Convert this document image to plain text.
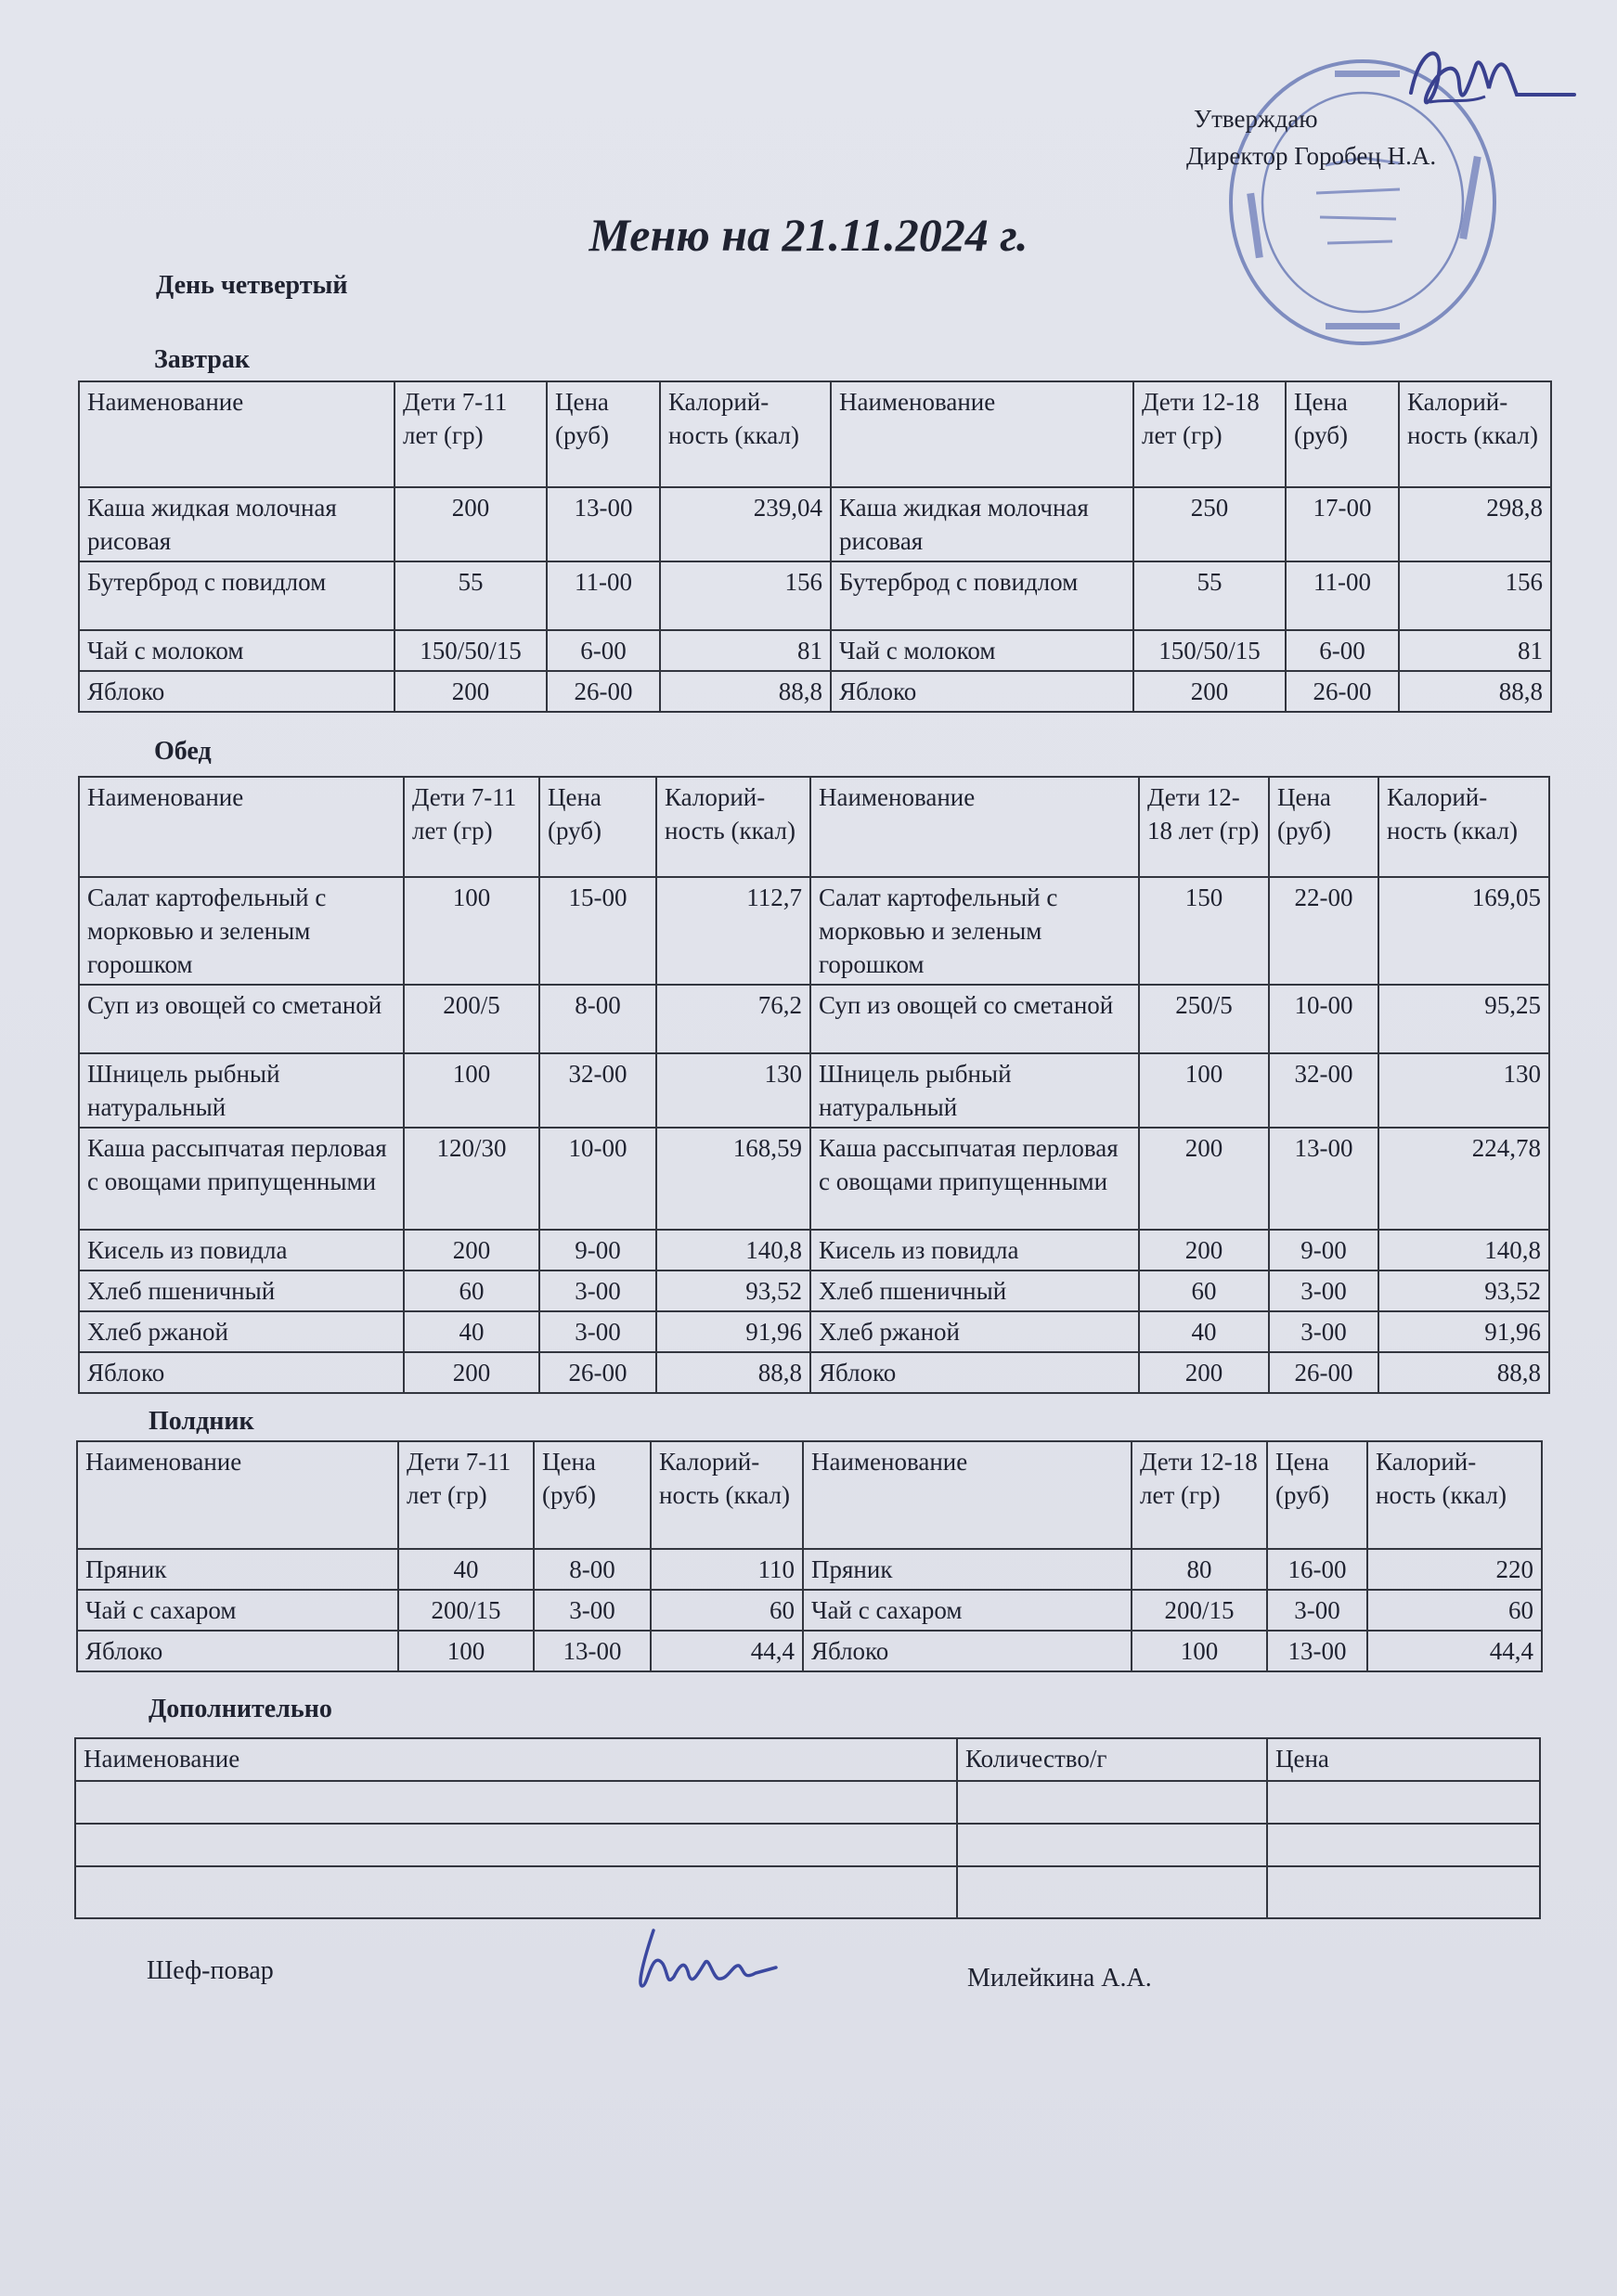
Утверждаю
Директор Горобец Н.А.
Меню на 21.11.2024 г.
День четвертый
Завтрак
Наименование	Дети 7-11 лет (гр)	Цена (руб)	Калорий-ность (ккал)	Наименование	Дети 12-18 лет (гр)	Цена (руб)	Калорий-ность (ккал)
Каша жидкая молочная рисовая	200	13-00	239,04	Каша жидкая молочная рисовая	250	17-00	298,8
Бутерброд с повидлом	55	11-00	156	Бутерброд с повидлом	55	11-00	156
Чай с молоком	150/50/15	6-00	81	Чай с молоком	150/50/15	6-00	81
Яблоко	200	26-00	88,8	Яблоко	200	26-00	88,8
Обед
Наименование	Дети 7-11 лет (гр)	Цена (руб)	Калорий-ность (ккал)	Наименование	Дети 12-18 лет (гр)	Цена (руб)	Калорий-ность (ккал)
Салат картофельный с морковью и зеленым горошком	100	15-00	112,7	Салат картофельный с морковью и зеленым горошком	150	22-00	169,05
Суп из овощей со сметаной	200/5	8-00	76,2	Суп из овощей со сметаной	250/5	10-00	95,25
Шницель рыбный натуральный	100	32-00	130	Шницель рыбный натуральный	100	32-00	130
Каша рассыпчатая перловая с овощами припущенными	120/30	10-00	168,59	Каша рассыпчатая перловая с овощами припущенными	200	13-00	224,78
Кисель из повидла	200	9-00	140,8	Кисель из повидла	200	9-00	140,8
Хлеб пшеничный	60	3-00	93,52	Хлеб пшеничный	60	3-00	93,52
Хлеб ржаной	40	3-00	91,96	Хлеб ржаной	40	3-00	91,96
Яблоко	200	26-00	88,8	Яблоко	200	26-00	88,8
Полдник
Наименование	Дети 7-11 лет (гр)	Цена (руб)	Калорий-ность (ккал)	Наименование	Дети 12-18 лет (гр)	Цена (руб)	Калорий-ность (ккал)
Пряник	40	8-00	110	Пряник	80	16-00	220
Чай с сахаром	200/15	3-00	60	Чай с сахаром	200/15	3-00	60
Яблоко	100	13-00	44,4	Яблоко	100	13-00	44,4
Дополнительно
Наименование	Количество/г	Цена

Шеф-повар	Милейкина А.А.
